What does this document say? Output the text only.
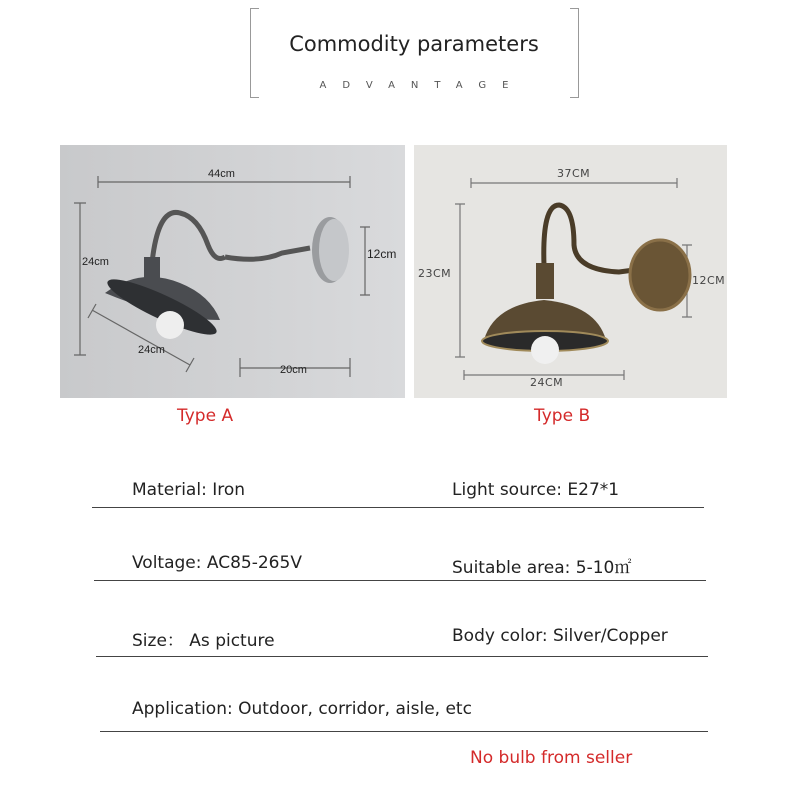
Commodity parameters
ADVANTAGE
44cm
24cm
12cm
24cm
20cm
37CM
23CM
12CM
24CM
Type A	Type B
Material: Iron	Light source: E27*1
Voltage: AC85-265V	Suitable area: 5-10㎡
Size： As picture	Body color: Silver/Copper
Application: Outdoor, corridor, aisle, etc
No bulb from seller
